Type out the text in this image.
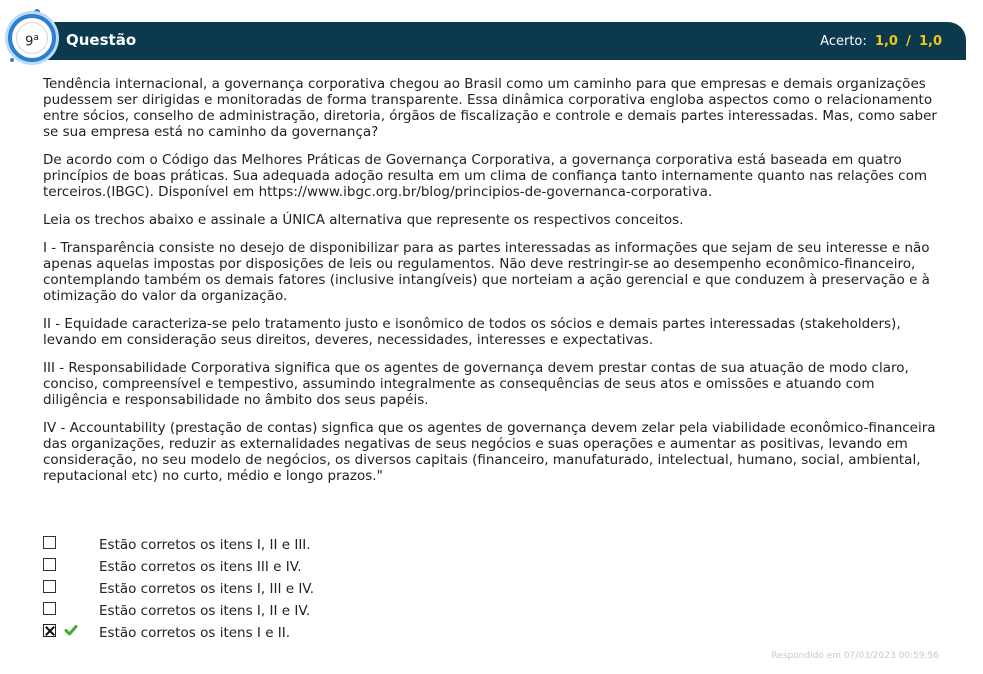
Questão	Acerto: 1,0 / 1,0
9$^a$

Tendência internacional, a governança corporativa chegou ao Brasil como um caminho para que empresas e demais organizações pudessem ser dirigidas e monitoradas de forma transparente. Essa dinâmica corporativa engloba aspectos como o relacionamento entre sócios, conselho de administração, diretoria, órgãos de fiscalização e controle e demais partes interessadas. Mas, como saber se sua empresa está no caminho da governança?

De acordo com o Código das Melhores Práticas de Governança Corporativa, a governança corporativa está baseada em quatro princípios de boas práticas. Sua adequada adoção resulta em um clima de confiança tanto internamente quanto nas relações com terceiros.(IBGC). Disponível em https://www.ibgc.org.br/blog/principios-de-governanca-corporativa.

Leia os trechos abaixo e assinale a ÚNICA alternativa que represente os respectivos conceitos.

I - Transparência consiste no desejo de disponibilizar para as partes interessadas as informações que sejam de seu interesse e não apenas aquelas impostas por disposições de leis ou regulamentos. Não deve restringir-se ao desempenho econômico-financeiro, contemplando também os demais fatores (inclusive intangíveis) que norteiam a ação gerencial e que conduzem à preservação e à otimização do valor da organização.

II - Equidade caracteriza-se pelo tratamento justo e isonômico de todos os sócios e demais partes interessadas (stakeholders), levando em consideração seus direitos, deveres, necessidades, interesses e expectativas.

III - Responsabilidade Corporativa significa que os agentes de governança devem prestar contas de sua atuação de modo claro, conciso, compreensível e tempestivo, assumindo integralmente as consequências de seus atos e omissões e atuando com diligência e responsabilidade no âmbito dos seus papéis.

IV - Accountability (prestação de contas) signfica que os agentes de governança devem zelar pela viabilidade econômico-financeira das organizações, reduzir as externalidades negativas de seus negócios e suas operações e aumentar as positivas, levando em consideração, no seu modelo de negócios, os diversos capitais (financeiro, manufaturado, intelectual, humano, social, ambiental, reputacional etc) no curto, médio e longo prazos."

Estão corretos os itens I, II e III.
Estão corretos os itens III e IV.
Estão corretos os itens I, III e IV.
Estão corretos os itens I, II e IV.
Estão corretos os itens I e II.
Respondido em 07/03/2023 00:59:56
